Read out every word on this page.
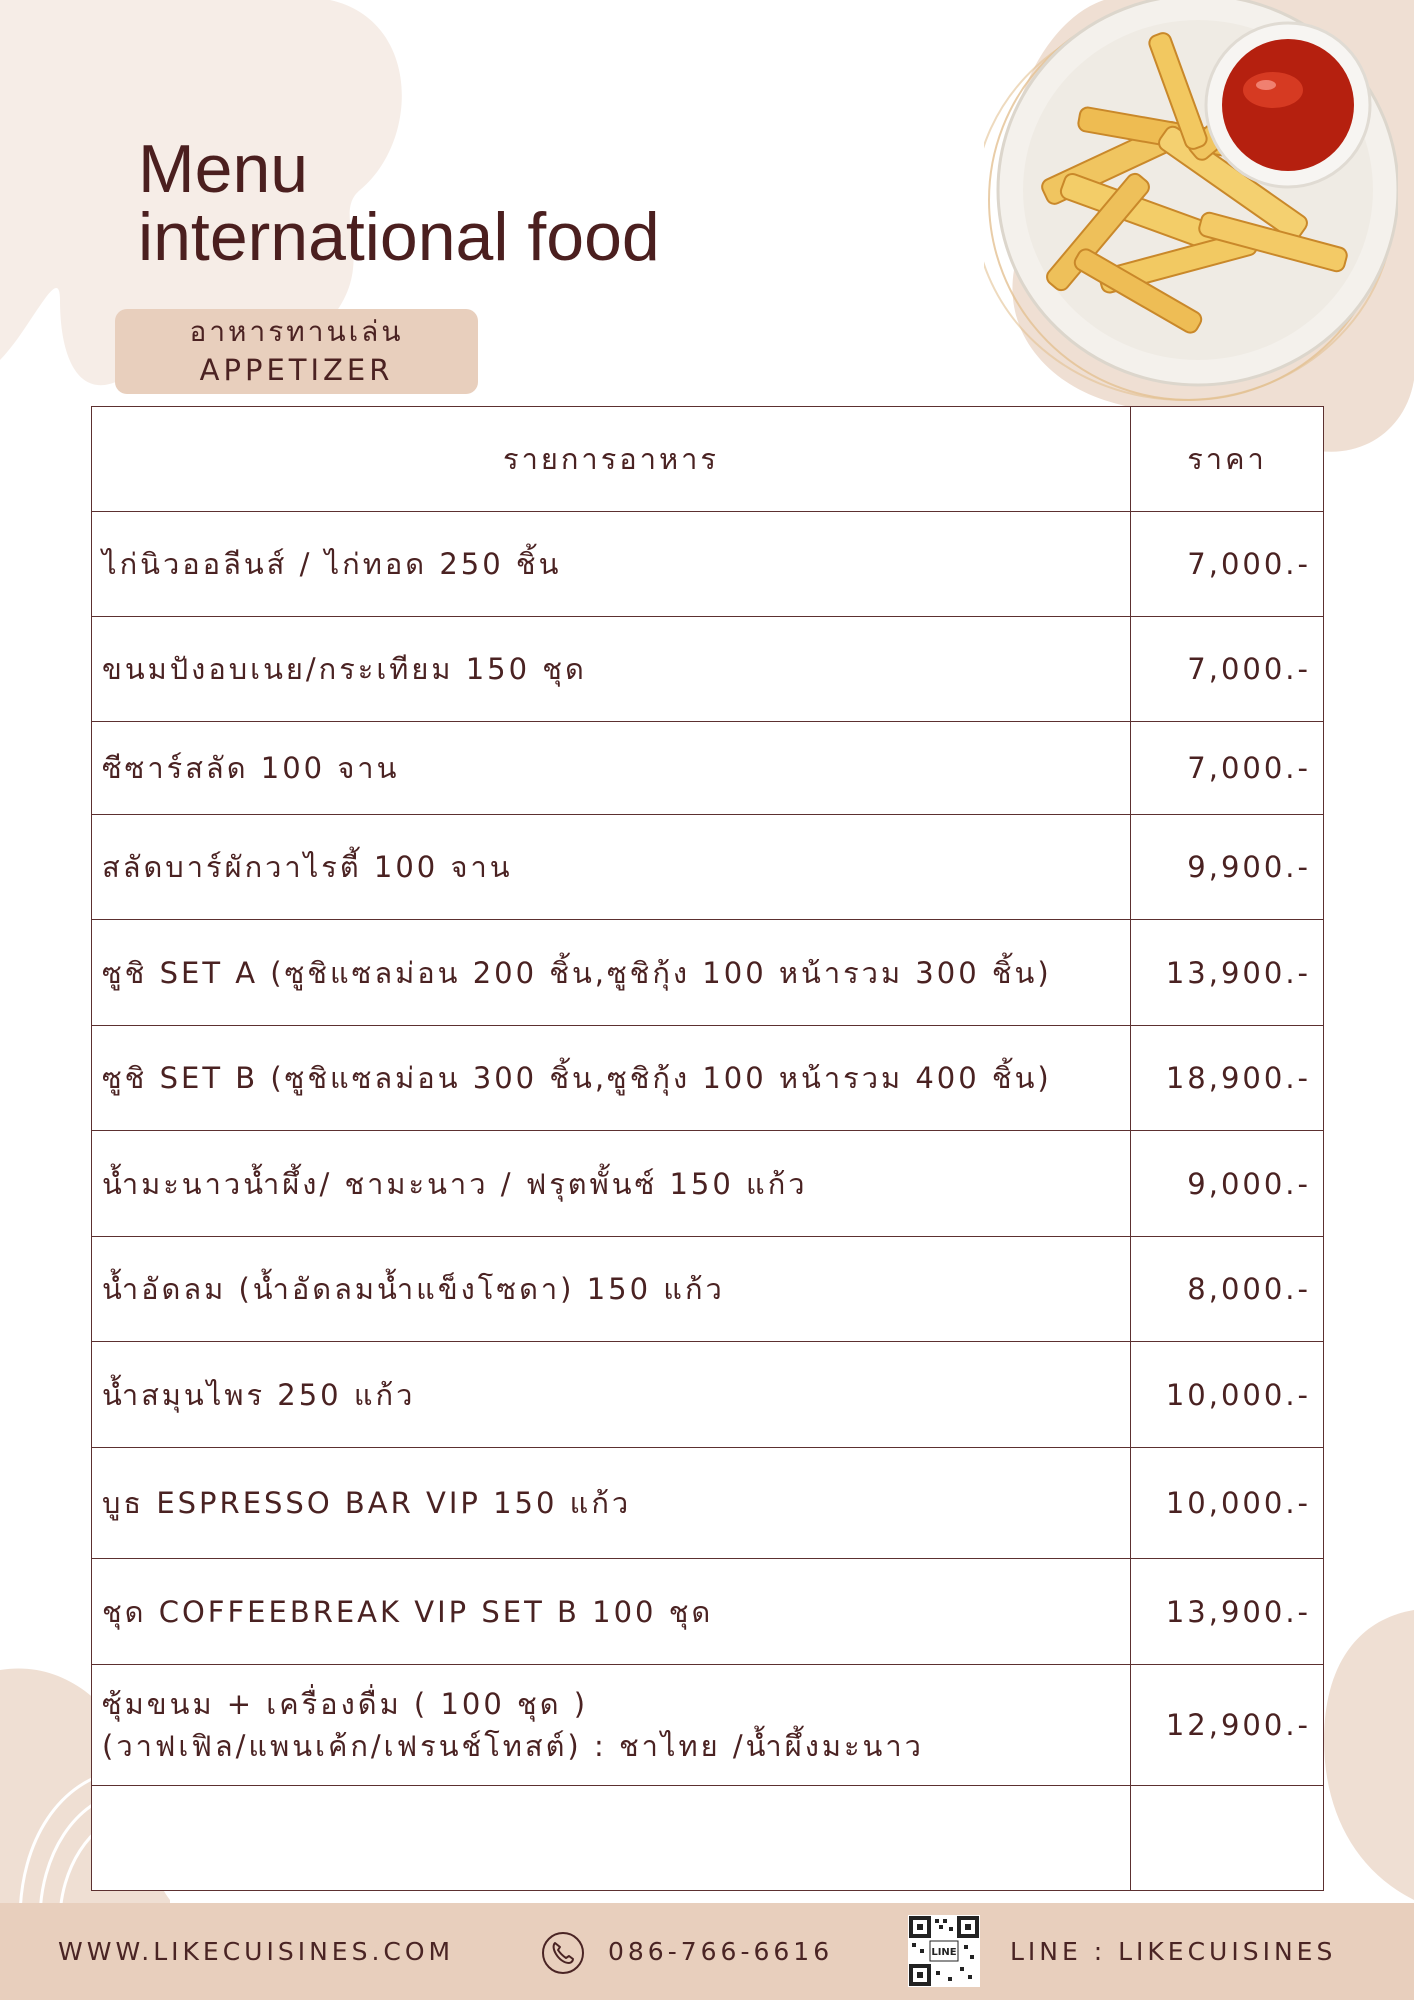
Menu
international food
อาหารทานเล่น
APPETIZER
รายการอาหาร	ราคา
ไก่นิวออลีนส์ / ไก่ทอด 250 ชิ้น	7,000.-
ขนมปังอบเนย/กระเทียม 150 ชุด	7,000.-
ซีซาร์สลัด 100 จาน	7,000.-
สลัดบาร์ผักวาไรตี้ 100 จาน	9,900.-
ซูชิ SET A (ซูชิแซลม่อน 200 ชิ้น,ซูชิกุ้ง 100 หน้ารวม 300 ชิ้น)	13,900.-
ซูชิ SET B (ซูชิแซลม่อน 300 ชิ้น,ซูชิกุ้ง 100 หน้ารวม 400 ชิ้น)	18,900.-
น้ำมะนาวน้ำผึ้ง/ ชามะนาว / ฟรุตพั้นซ์ 150 แก้ว	9,000.-
น้ำอัดลม (น้ำอัดลมน้ำแข็งโซดา) 150 แก้ว	8,000.-
น้ำสมุนไพร 250 แก้ว	10,000.-
บูธ ESPRESSO BAR VIP 150 แก้ว	10,000.-
ชุด COFFEEBREAK VIP SET B 100 ชุด	13,900.-

ซุ้มขนม + เครื่องดื่ม ( 100 ชุด )
(วาฟเฟิล/แพนเค้ก/เฟรนช์โทสต์) : ชาไทย /น้ำผึ้งมะนาว	12,900.-

WWW.LIKECUISINES.COM	086-766-6616	LINE LINE : LIKECUISINES
